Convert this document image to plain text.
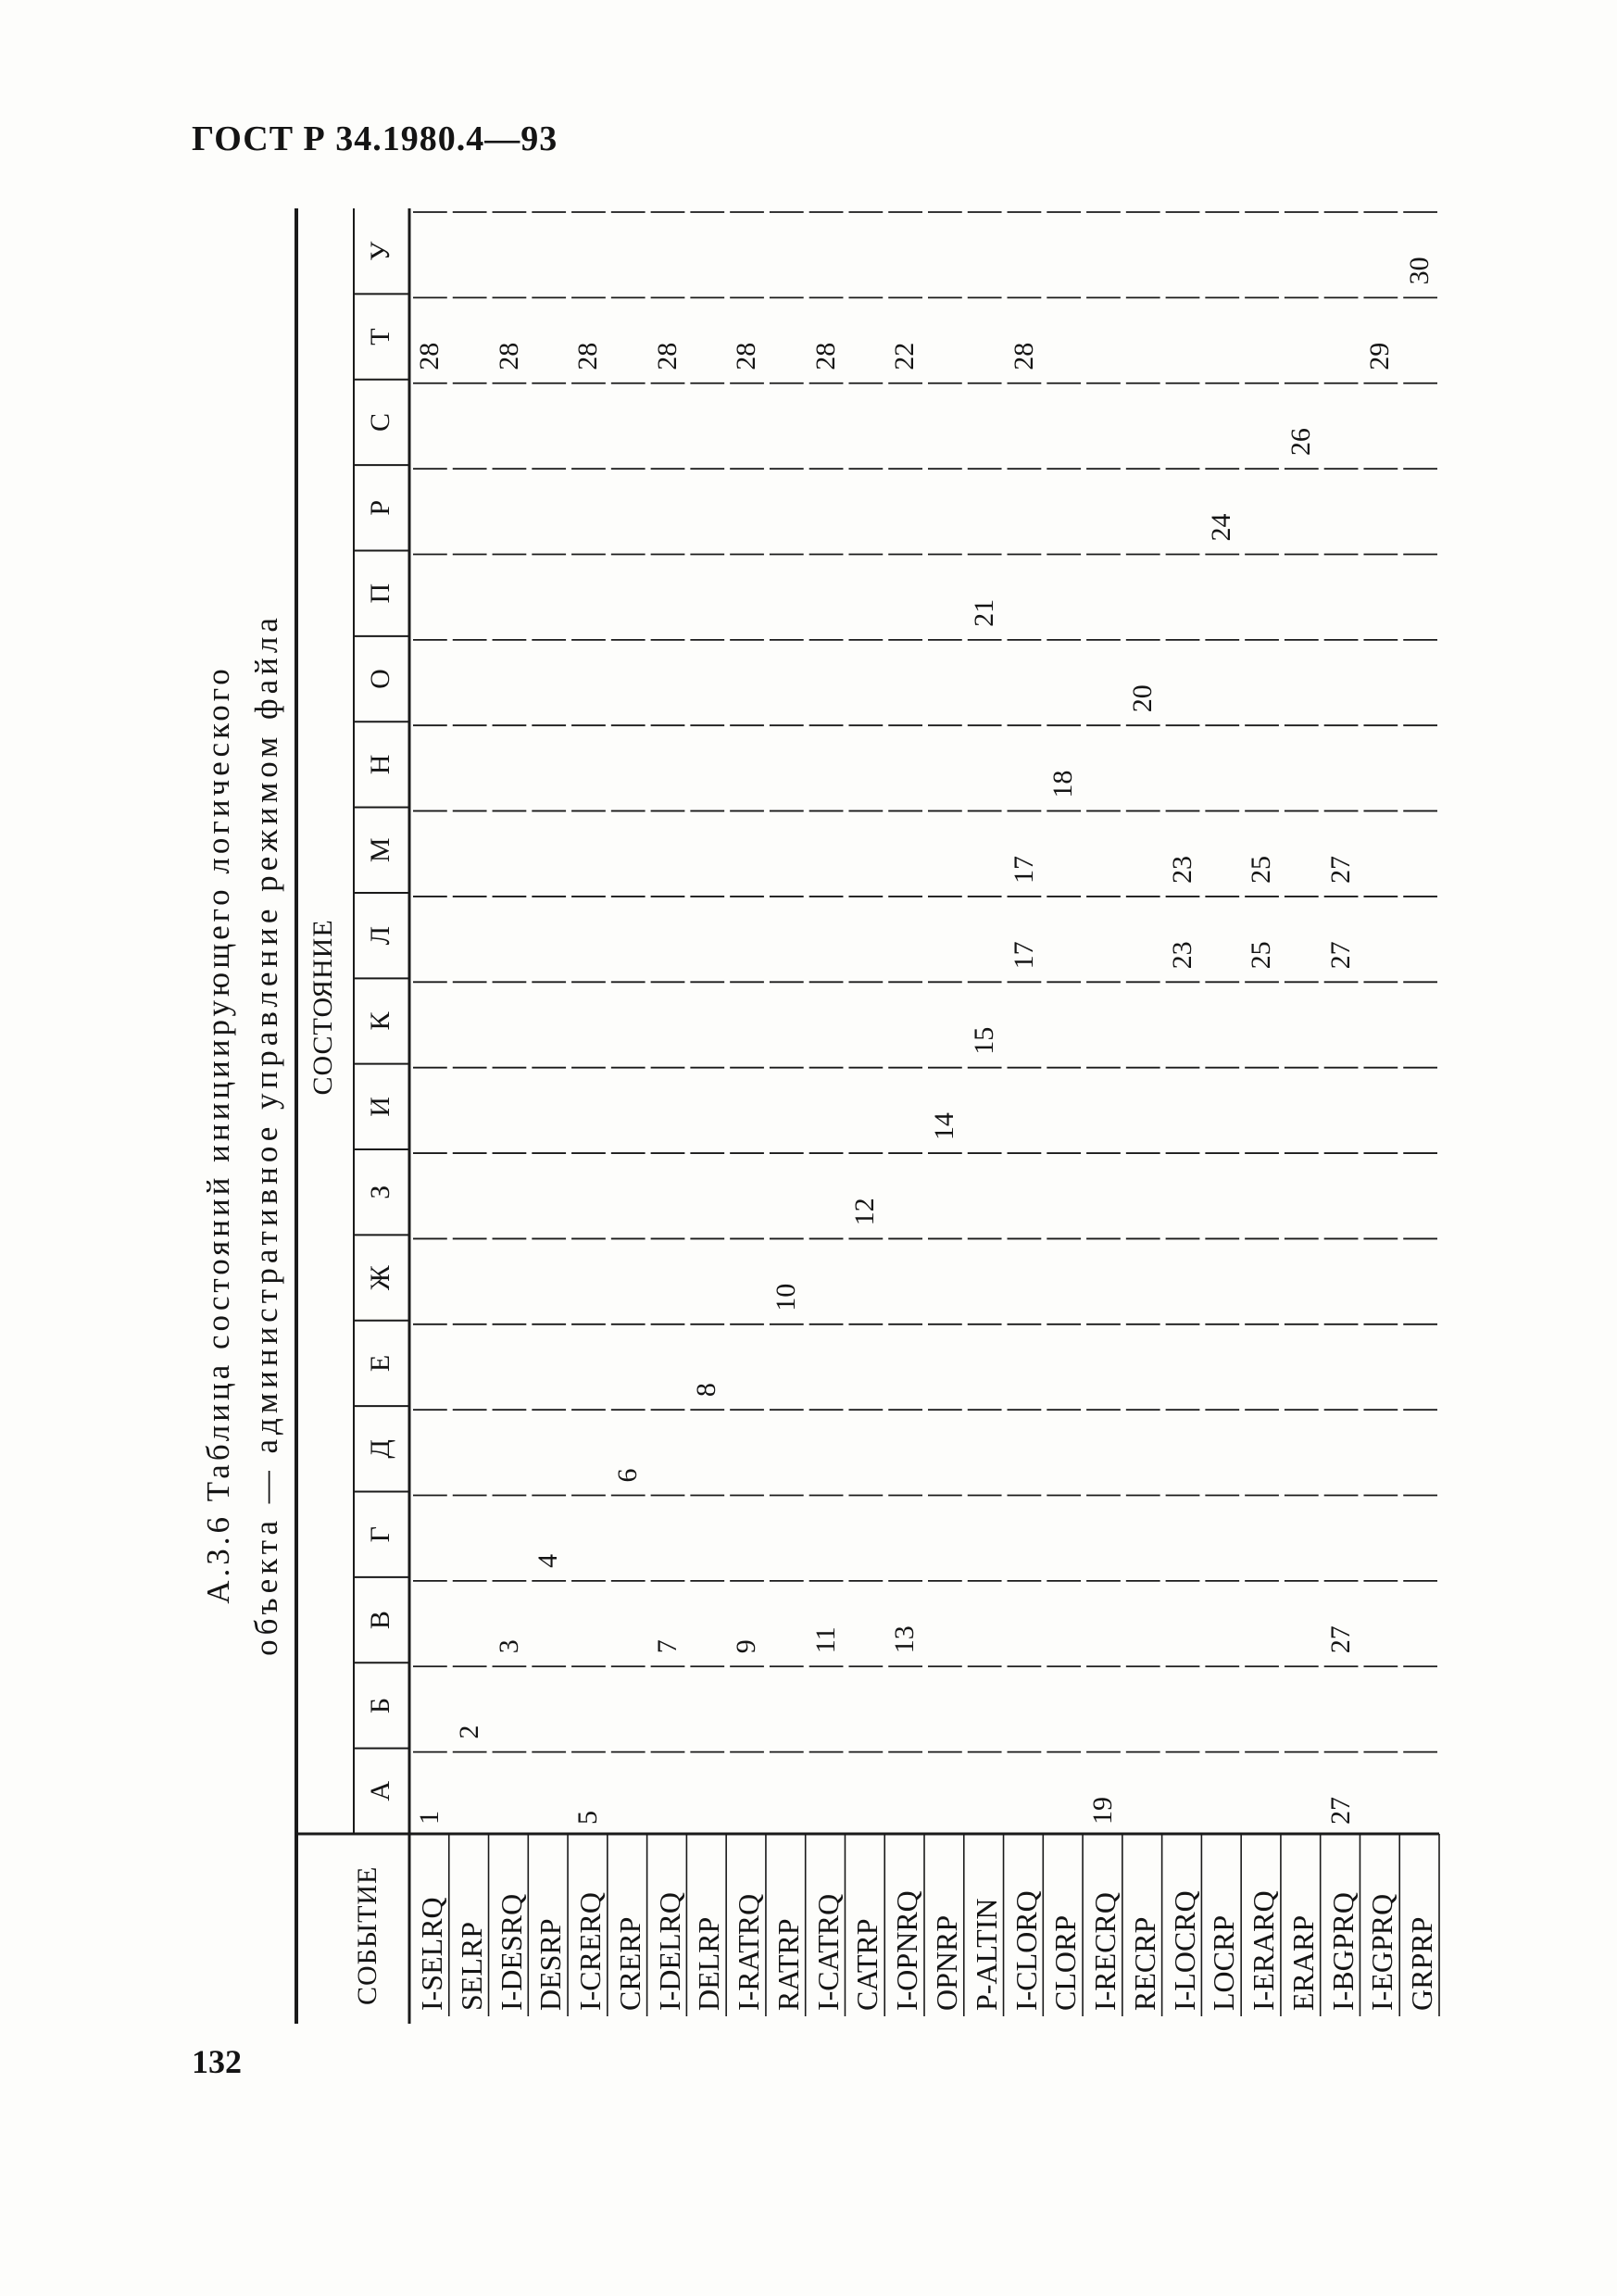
ГОСТ Р 34.1980.4—93
А.3.6 Таблица состояний инициирующего логического объекта — административное управление режимом файла
СОБЫТИЕ
СОСТОЯНИЕ
А
Б
В
Г
Д
Е
Ж
З
И
К
Л
М
Н
О
П
Р
С
Т
У
I-SELRQ SELRP I-DESRQ DESRP I-CRERQ CRERP I-DELRQ DELRP I-RATRQ RATRP I-CATRQ CATRP I-OPNRQ OPNRP P-ALTIN I-CLORQ CLORP I-RECRQ RECRP I-LOCRQ LOCRP I-ERARQ ERARP I-BGPRQ I-EGPRQ GRPRP
1
28
2
3
28
4
5
28
6
7
28
8
9
28
10
11
28
12
13
22
14
15
21
17
17
28
18
19
20
23
23
24
25
25
26
27
27
27
27
29
30
132
